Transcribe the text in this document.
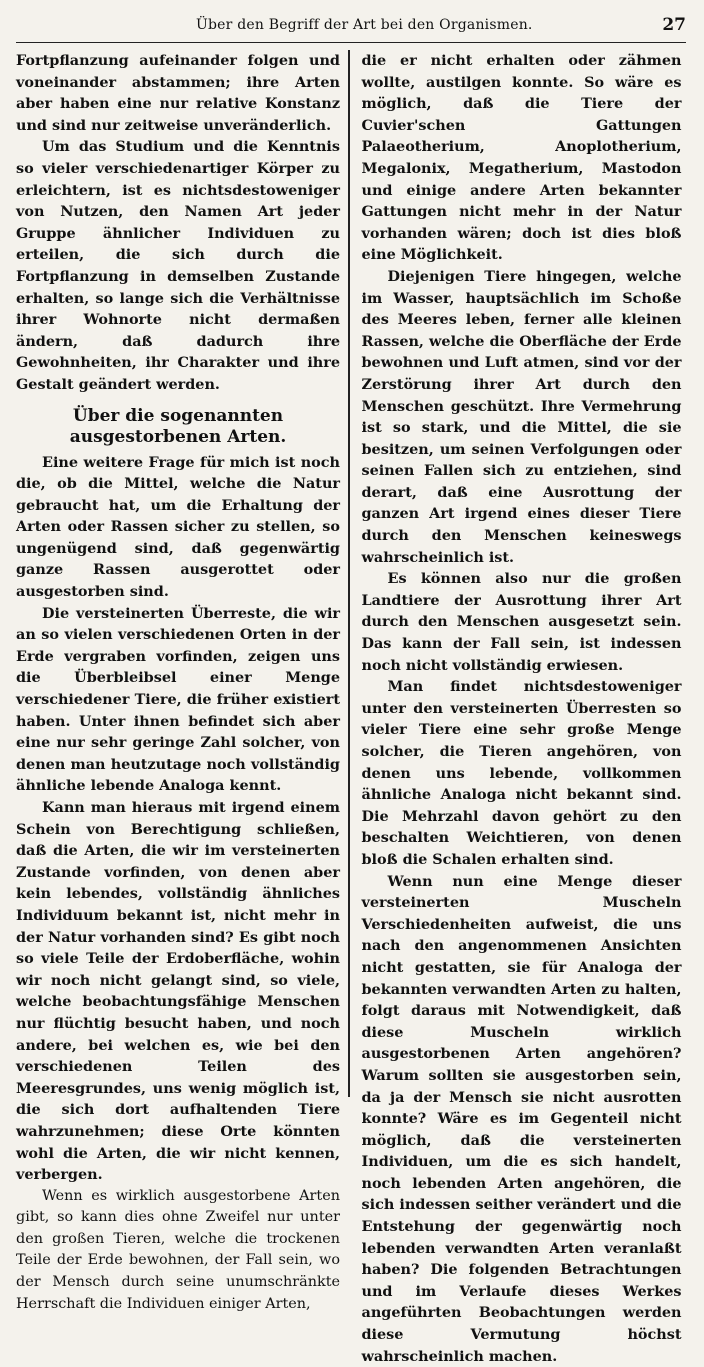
Über den Begriff der Art bei den Organismen.	27

Fortpflanzung aufeinander folgen und voneinander abstammen; ihre Arten aber haben eine nur relative Konstanz und sind nur zeitweise unveränderlich.

Um das Studium und die Kenntnis so vieler verschiedenartiger Körper zu erleichtern, ist es nichtsdestoweniger von Nutzen, den Namen Art jeder Gruppe ähnlicher Individuen zu erteilen, die sich durch die Fortpflanzung in demselben Zustande erhalten, so lange sich die Verhältnisse ihrer Wohnorte nicht dermaßen ändern, daß dadurch ihre Gewohnheiten, ihr Charakter und ihre Gestalt geändert werden.

Über die sogenannten ausgestorbenen Arten.

Eine weitere Frage für mich ist noch die, ob die Mittel, welche die Natur gebraucht hat, um die Erhaltung der Arten oder Rassen sicher zu stellen, so ungenügend sind, daß gegenwärtig ganze Rassen ausgerottet oder ausgestorben sind.

Die versteinerten Überreste, die wir an so vielen verschiedenen Orten in der Erde vergraben vorfinden, zeigen uns die Überbleibsel einer Menge verschiedener Tiere, die früher existiert haben. Unter ihnen befindet sich aber eine nur sehr geringe Zahl solcher, von denen man heutzutage noch vollständig ähnliche lebende Analoga kennt.

Kann man hieraus mit irgend einem Schein von Berechtigung schließen, daß die Arten, die wir im versteinerten Zustande vorfinden, von denen aber kein lebendes, vollständig ähnliches Individuum bekannt ist, nicht mehr in der Natur vorhanden sind? Es gibt noch so viele Teile der Erdoberfläche, wohin wir noch nicht gelangt sind, so viele, welche beobachtungsfähige Menschen nur flüchtig besucht haben, und noch andere, bei welchen es, wie bei den verschiedenen Teilen des Meeresgrundes, uns wenig möglich ist, die sich dort aufhaltenden Tiere wahrzunehmen; diese Orte könnten wohl die Arten, die wir nicht kennen, verbergen.

Wenn es wirklich ausgestorbene Arten gibt, so kann dies ohne Zweifel nur unter den großen Tieren, welche die trockenen Teile der Erde bewohnen, der Fall sein, wo der Mensch durch seine unumschränkte Herrschaft die Individuen einiger Arten,

die er nicht erhalten oder zähmen wollte, austilgen konnte. So wäre es möglich, daß die Tiere der Cuvier'schen Gattungen Palaeotherium, Anoplotherium, Megalonix, Megatherium, Mastodon und einige andere Arten bekannter Gattungen nicht mehr in der Natur vorhanden wären; doch ist dies bloß eine Möglichkeit.

Diejenigen Tiere hingegen, welche im Wasser, hauptsächlich im Schoße des Meeres leben, ferner alle kleinen Rassen, welche die Oberfläche der Erde bewohnen und Luft atmen, sind vor der Zerstörung ihrer Art durch den Menschen geschützt. Ihre Vermehrung ist so stark, und die Mittel, die sie besitzen, um seinen Verfolgungen oder seinen Fallen sich zu entziehen, sind derart, daß eine Ausrottung der ganzen Art irgend eines dieser Tiere durch den Menschen keineswegs wahrscheinlich ist.

Es können also nur die großen Landtiere der Ausrottung ihrer Art durch den Menschen ausgesetzt sein. Das kann der Fall sein, ist indessen noch nicht vollständig erwiesen.

Man findet nichtsdestoweniger unter den versteinerten Überresten so vieler Tiere eine sehr große Menge solcher, die Tieren angehören, von denen uns lebende, vollkommen ähnliche Analoga nicht bekannt sind. Die Mehrzahl davon gehört zu den beschalten Weichtieren, von denen bloß die Schalen erhalten sind.

Wenn nun eine Menge dieser versteinerten Muscheln Verschiedenheiten aufweist, die uns nach den angenommenen Ansichten nicht gestatten, sie für Analoga der bekannten verwandten Arten zu halten, folgt daraus mit Notwendigkeit, daß diese Muscheln wirklich ausgestorbenen Arten angehören? Warum sollten sie ausgestorben sein, da ja der Mensch sie nicht ausrotten konnte? Wäre es im Gegenteil nicht möglich, daß die versteinerten Individuen, um die es sich handelt, noch lebenden Arten angehören, die sich indessen seither verändert und die Entstehung der gegenwärtig noch lebenden verwandten Arten veranlaßt haben? Die folgenden Betrachtungen und im Verlaufe dieses Werkes angeführten Beobachtungen werden diese Vermutung höchst wahrscheinlich machen.
